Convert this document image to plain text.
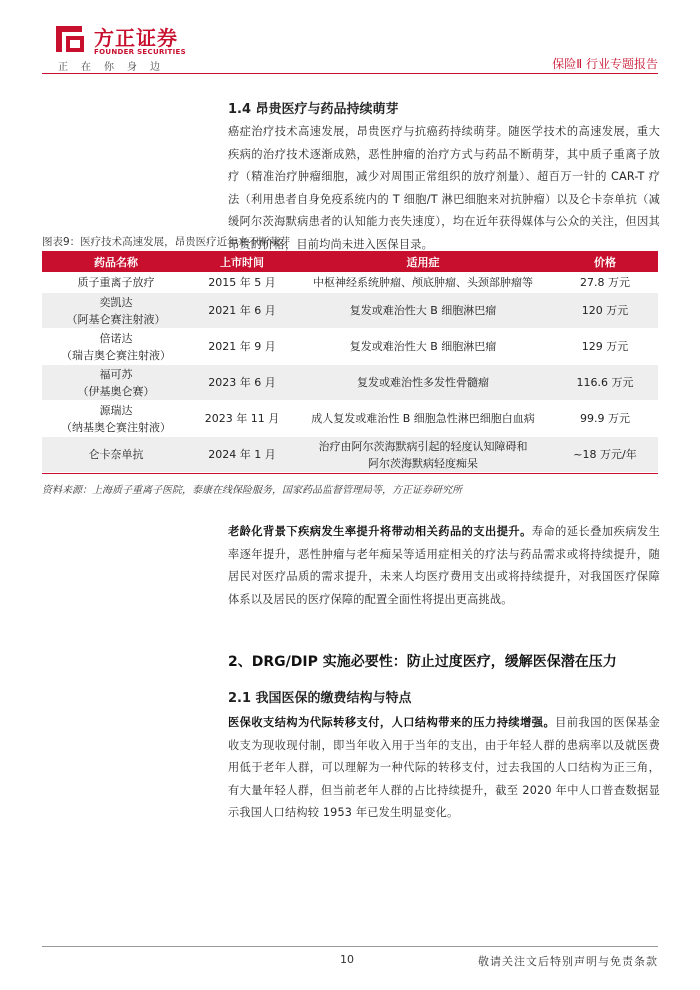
方正证券
FOUNDER SECURITIES
正在你身边	保险Ⅱ 行业专题报告
1.4 昂贵医疗与药品持续萌芽
癌症治疗技术高速发展，昂贵医疗与抗癌药持续萌芽。随医学技术的高速发展，重大疾病的治疗技术逐渐成熟，恶性肿瘤的治疗方式与药品不断萌芽，其中质子重离子放疗（精准治疗肿瘤细胞，减少对周围正常组织的放疗剂量）、超百万一针的 CAR-T 疗法（利用患者自身免疫系统内的 T 细胞/T 淋巴细胞来对抗肿瘤）以及仑卡奈单抗（减缓阿尔茨海默病患者的认知能力丧失速度），均在近年获得媒体与公众的关注，但因其昂贵的价格，目前均尚未进入医保目录。
图表9：医疗技术高速发展，昂贵医疗近年来不断萌芽
药品名称	上市时间	适用症	价格
质子重离子放疗	2015 年 5 月	中枢神经系统肿瘤、颅底肿瘤、头颈部肿瘤等	27.8 万元
奕凯达
（阿基仑赛注射液）	2021 年 6 月	复发或难治性大 B 细胞淋巴瘤	120 万元
倍诺达
（瑞吉奥仑赛注射液）	2021 年 9 月	复发或难治性大 B 细胞淋巴瘤	129 万元
福可苏
（伊基奥仑赛）	2023 年 6 月	复发或难治性多发性骨髓瘤	116.6 万元
源瑞达
（纳基奥仑赛注射液）	2023 年 11 月	成人复发或难治性 B 细胞急性淋巴细胞白血病	99.9 万元
仑卡奈单抗	2024 年 1 月	治疗由阿尔茨海默病引起的轻度认知障碍和
阿尔茨海默病轻度痴呆	~18 万元/年
资料来源：上海质子重离子医院，泰康在线保险服务，国家药品监督管理局等，方正证券研究所
老龄化背景下疾病发生率提升将带动相关药品的支出提升。寿命的延长叠加疾病发生率逐年提升，恶性肿瘤与老年痴呆等适用症相关的疗法与药品需求或将持续提升，随居民对医疗品质的需求提升，未来人均医疗费用支出或将持续提升，对我国医疗保障体系以及居民的医疗保障的配置全面性将提出更高挑战。
2、DRG/DIP 实施必要性：防止过度医疗，缓解医保潜在压力
2.1 我国医保的缴费结构与特点
医保收支结构为代际转移支付，人口结构带来的压力持续增强。目前我国的医保基金收支为现收现付制，即当年收入用于当年的支出，由于年轻人群的患病率以及就医费用低于老年人群，可以理解为一种代际的转移支付，过去我国的人口结构为正三角，有大量年轻人群，但当前老年人群的占比持续提升，截至 2020 年中人口普查数据显示我国人口结构较 1953 年已发生明显变化。
10	敬请关注文后特别声明与免责条款
